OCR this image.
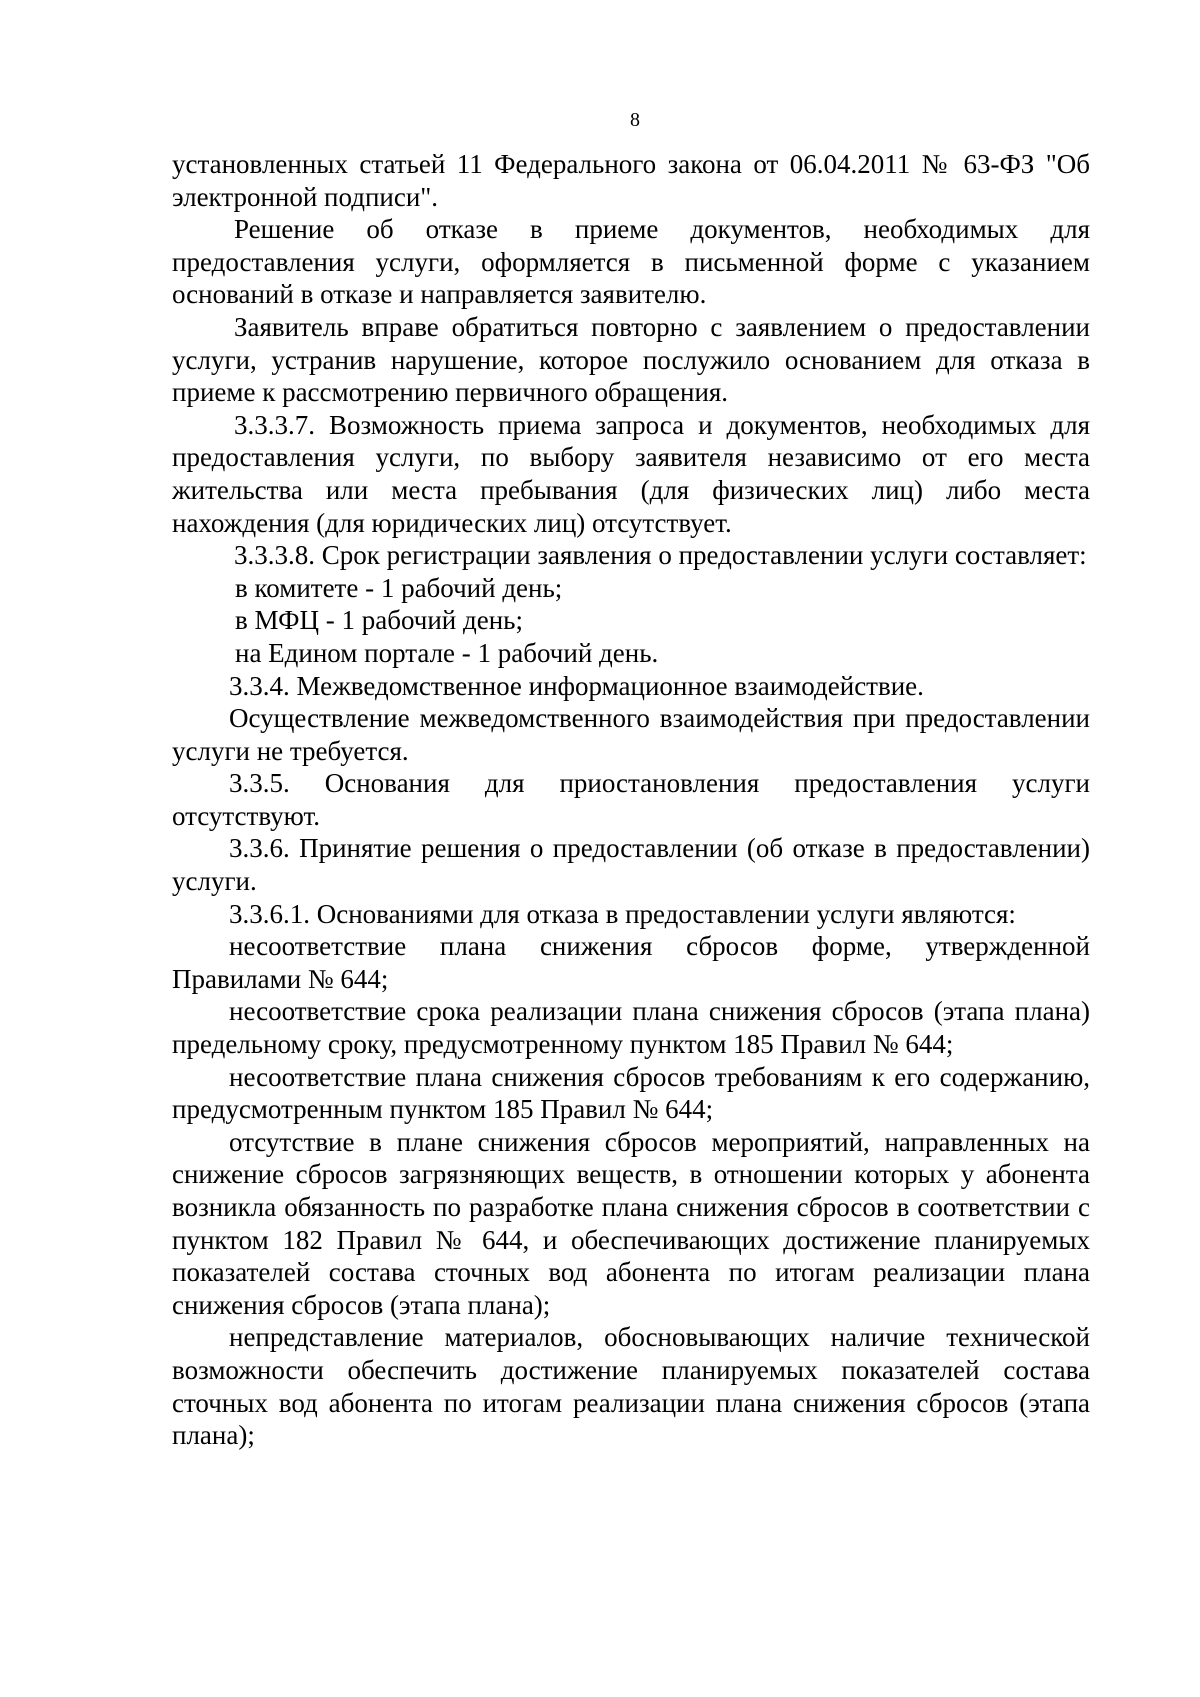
8

установленных статьей 11 Федерального закона от 06.04.2011 № 63-ФЗ "Об электронной подписи".

Решение об отказе в приеме документов, необходимых для предоставления услуги, оформляется в письменной форме с указанием оснований в отказе и направляется заявителю.

Заявитель вправе обратиться повторно с заявлением о предоставлении услуги, устранив нарушение, которое послужило основанием для отказа в приеме к рассмотрению первичного обращения.

3.3.3.7. Возможность приема запроса и документов, необходимых для предоставления услуги, по выбору заявителя независимо от его места жительства или места пребывания (для физических лиц) либо места нахождения (для юридических лиц) отсутствует.

3.3.3.8. Срок регистрации заявления о предоставлении услуги составляет:

в комитете - 1 рабочий день;

в МФЦ - 1 рабочий день;

на Едином портале - 1 рабочий день.

3.3.4. Межведомственное информационное взаимодействие.

Осуществление межведомственного взаимодействия при предоставлении услуги не требуется.

3.3.5. Основания для приостановления предоставления услуги отсутствуют.

3.3.6. Принятие решения о предоставлении (об отказе в предоставлении) услуги.

3.3.6.1. Основаниями для отказа в предоставлении услуги являются:

несоответствие плана снижения сбросов форме, утвержденной Правилами № 644;

несоответствие срока реализации плана снижения сбросов (этапа плана) предельному сроку, предусмотренному пунктом 185 Правил № 644;

несоответствие плана снижения сбросов требованиям к его содержанию, предусмотренным пунктом 185 Правил № 644;

отсутствие в плане снижения сбросов мероприятий, направленных на снижение сбросов загрязняющих веществ, в отношении которых у абонента возникла обязанность по разработке плана снижения сбросов в соответствии с пунктом 182 Правил № 644, и обеспечивающих достижение планируемых показателей состава сточных вод абонента по итогам реализации плана снижения сбросов (этапа плана);

непредставление материалов, обосновывающих наличие технической возможности обеспечить достижение планируемых показателей состава сточных вод абонента по итогам реализации плана снижения сбросов (этапа плана);
